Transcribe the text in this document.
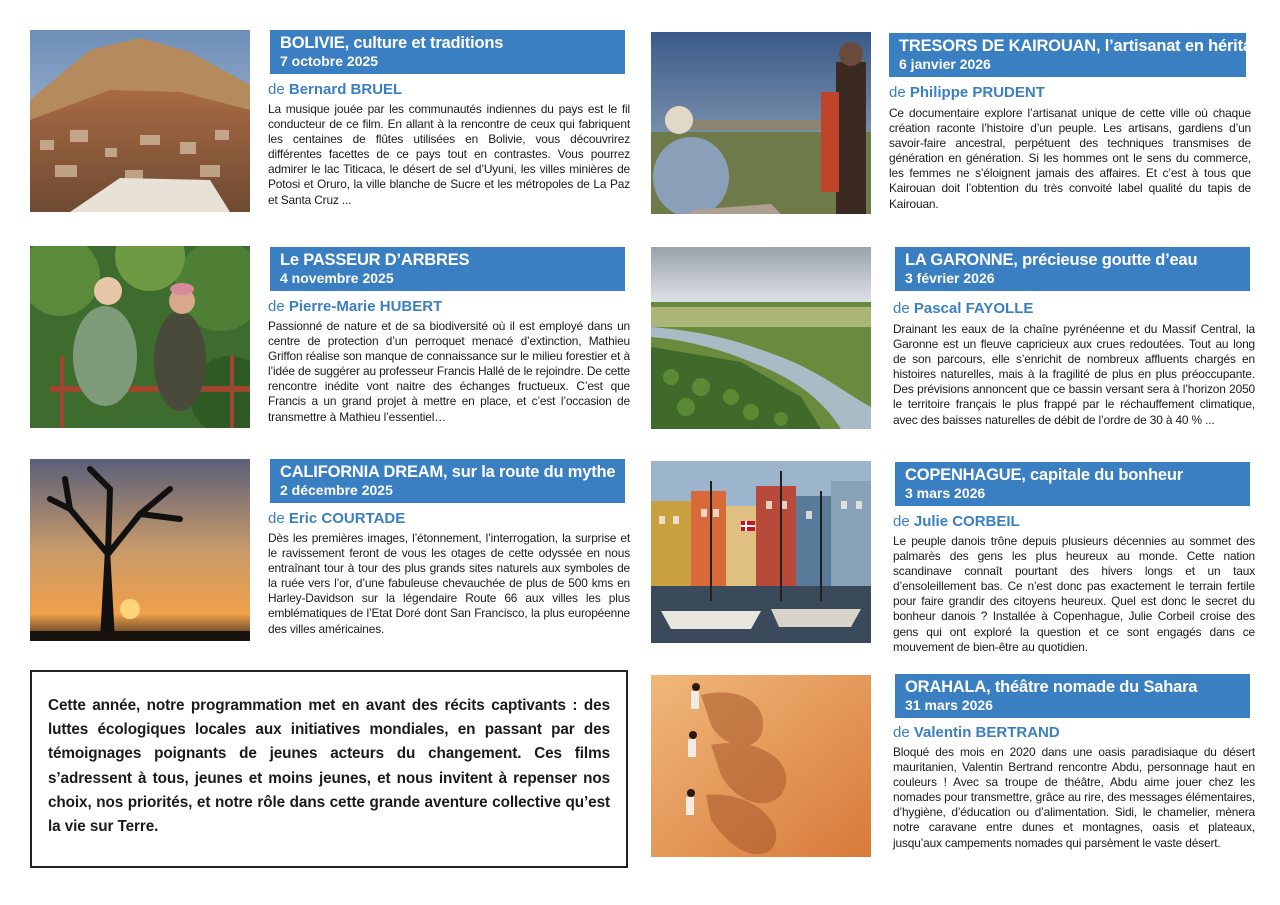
BOLIVIE, culture et traditions
7 octobre 2025
de Bernard BRUEL

La musique jouée par les communautés indiennes du pays est le fil conducteur de ce film. En allant à la rencontre de ceux qui fabriquent les centaines de flûtes utilisées en Bolivie, vous découvrirez différentes facettes de ce pays tout en contrastes. Vous pourrez admirer le lac Titicaca, le désert de sel d’Uyuni, les villes minières de Potosi et Oruro, la ville blanche de Sucre et les métropoles de La Paz et Santa Cruz ...

Le PASSEUR D’ARBRES
4 novembre 2025
de Pierre-Marie HUBERT

Passionné de nature et de sa biodiversité où il est employé dans un centre de protection d’un perroquet menacé d’extinction, Mathieu Griffon réalise son manque de connaissance sur le milieu forestier et à l’idée de suggérer au professeur Francis Hallé de le rejoindre. De cette rencontre inédite vont naitre des échanges fructueux. C’est que Francis a un grand projet à mettre en place, et c’est l’occasion de transmettre à Mathieu l’essentiel…

CALIFORNIA DREAM, sur la route du mythe
2 décembre 2025
de Eric COURTADE

Dès les premières images, l’étonnement, l’interrogation, la surprise et le ravissement feront de vous les otages de cette odyssée en nous entraînant tour à tour des plus grands sites naturels aux symboles de la ruée vers l’or, d’une fabuleuse chevauchée de plus de 500 kms en Harley-Davidson sur la légendaire Route 66 aux villes les plus emblématiques de l’Etat Doré dont San Francisco, la plus européenne des villes américaines.

Cette année, notre programmation met en avant des récits captivants : des luttes écologiques locales aux initiatives mondiales, en passant par des témoignages poignants de jeunes acteurs du changement. Ces films s’adressent à tous, jeunes et moins jeunes, et nous invitent à repenser nos choix, nos priorités, et notre rôle dans cette grande aventure collective qu’est la vie sur Terre.

TRESORS DE KAIROUAN, l’artisanat en héritage
6 janvier 2026
de Philippe PRUDENT

Ce documentaire explore l’artisanat unique de cette ville où chaque création raconte l’histoire d’un peuple. Les artisans, gardiens d’un savoir-faire ancestral, perpétuent des techniques transmises de génération en génération. Si les hommes ont le sens du commerce, les femmes ne s’éloignent jamais des affaires. Et c’est à tous que Kairouan doit l’obtention du très convoité label qualité du tapis de Kairouan.

LA GARONNE, précieuse goutte d’eau
3 février 2026
de Pascal FAYOLLE

Drainant les eaux de la chaîne pyrénéenne et du Massif Central, la Garonne est un fleuve capricieux aux crues redoutées. Tout au long de son parcours, elle s’enrichit de nombreux affluents chargés en histoires naturelles, mais à la fragilité de plus en plus préoccupante. Des prévisions annoncent que ce bassin versant sera à l’horizon 2050 le territoire français le plus frappé par le réchauffement climatique, avec des baisses naturelles de débit de l’ordre de 30 à 40 % ...

COPENHAGUE, capitale du bonheur
3 mars 2026
de Julie CORBEIL

Le peuple danois trône depuis plusieurs décennies au sommet des palmarès des gens les plus heureux au monde. Cette nation scandinave connaît pourtant des hivers longs et un taux d’ensoleillement bas. Ce n’est donc pas exactement le terrain fertile pour faire grandir des citoyens heureux. Quel est donc le secret du bonheur danois ? Installée à Copenhague, Julie Corbeil croise des gens qui ont exploré la question et ce sont engagés dans ce mouvement de bien-être au quotidien.

ORAHALA, théâtre nomade du Sahara
31 mars 2026
de Valentin BERTRAND

Bloqué des mois en 2020 dans une oasis paradisiaque du désert mauritanien, Valentin Bertrand rencontre Abdu, personnage haut en couleurs ! Avec sa troupe de théâtre, Abdu aime jouer chez les nomades pour transmettre, grâce au rire, des messages élémentaires, d’hygiène, d’éducation ou d’alimentation. Sidi, le chamelier, mènera notre caravane entre dunes et montagnes, oasis et plateaux, jusqu’aux campements nomades qui parsèment le vaste désert.
